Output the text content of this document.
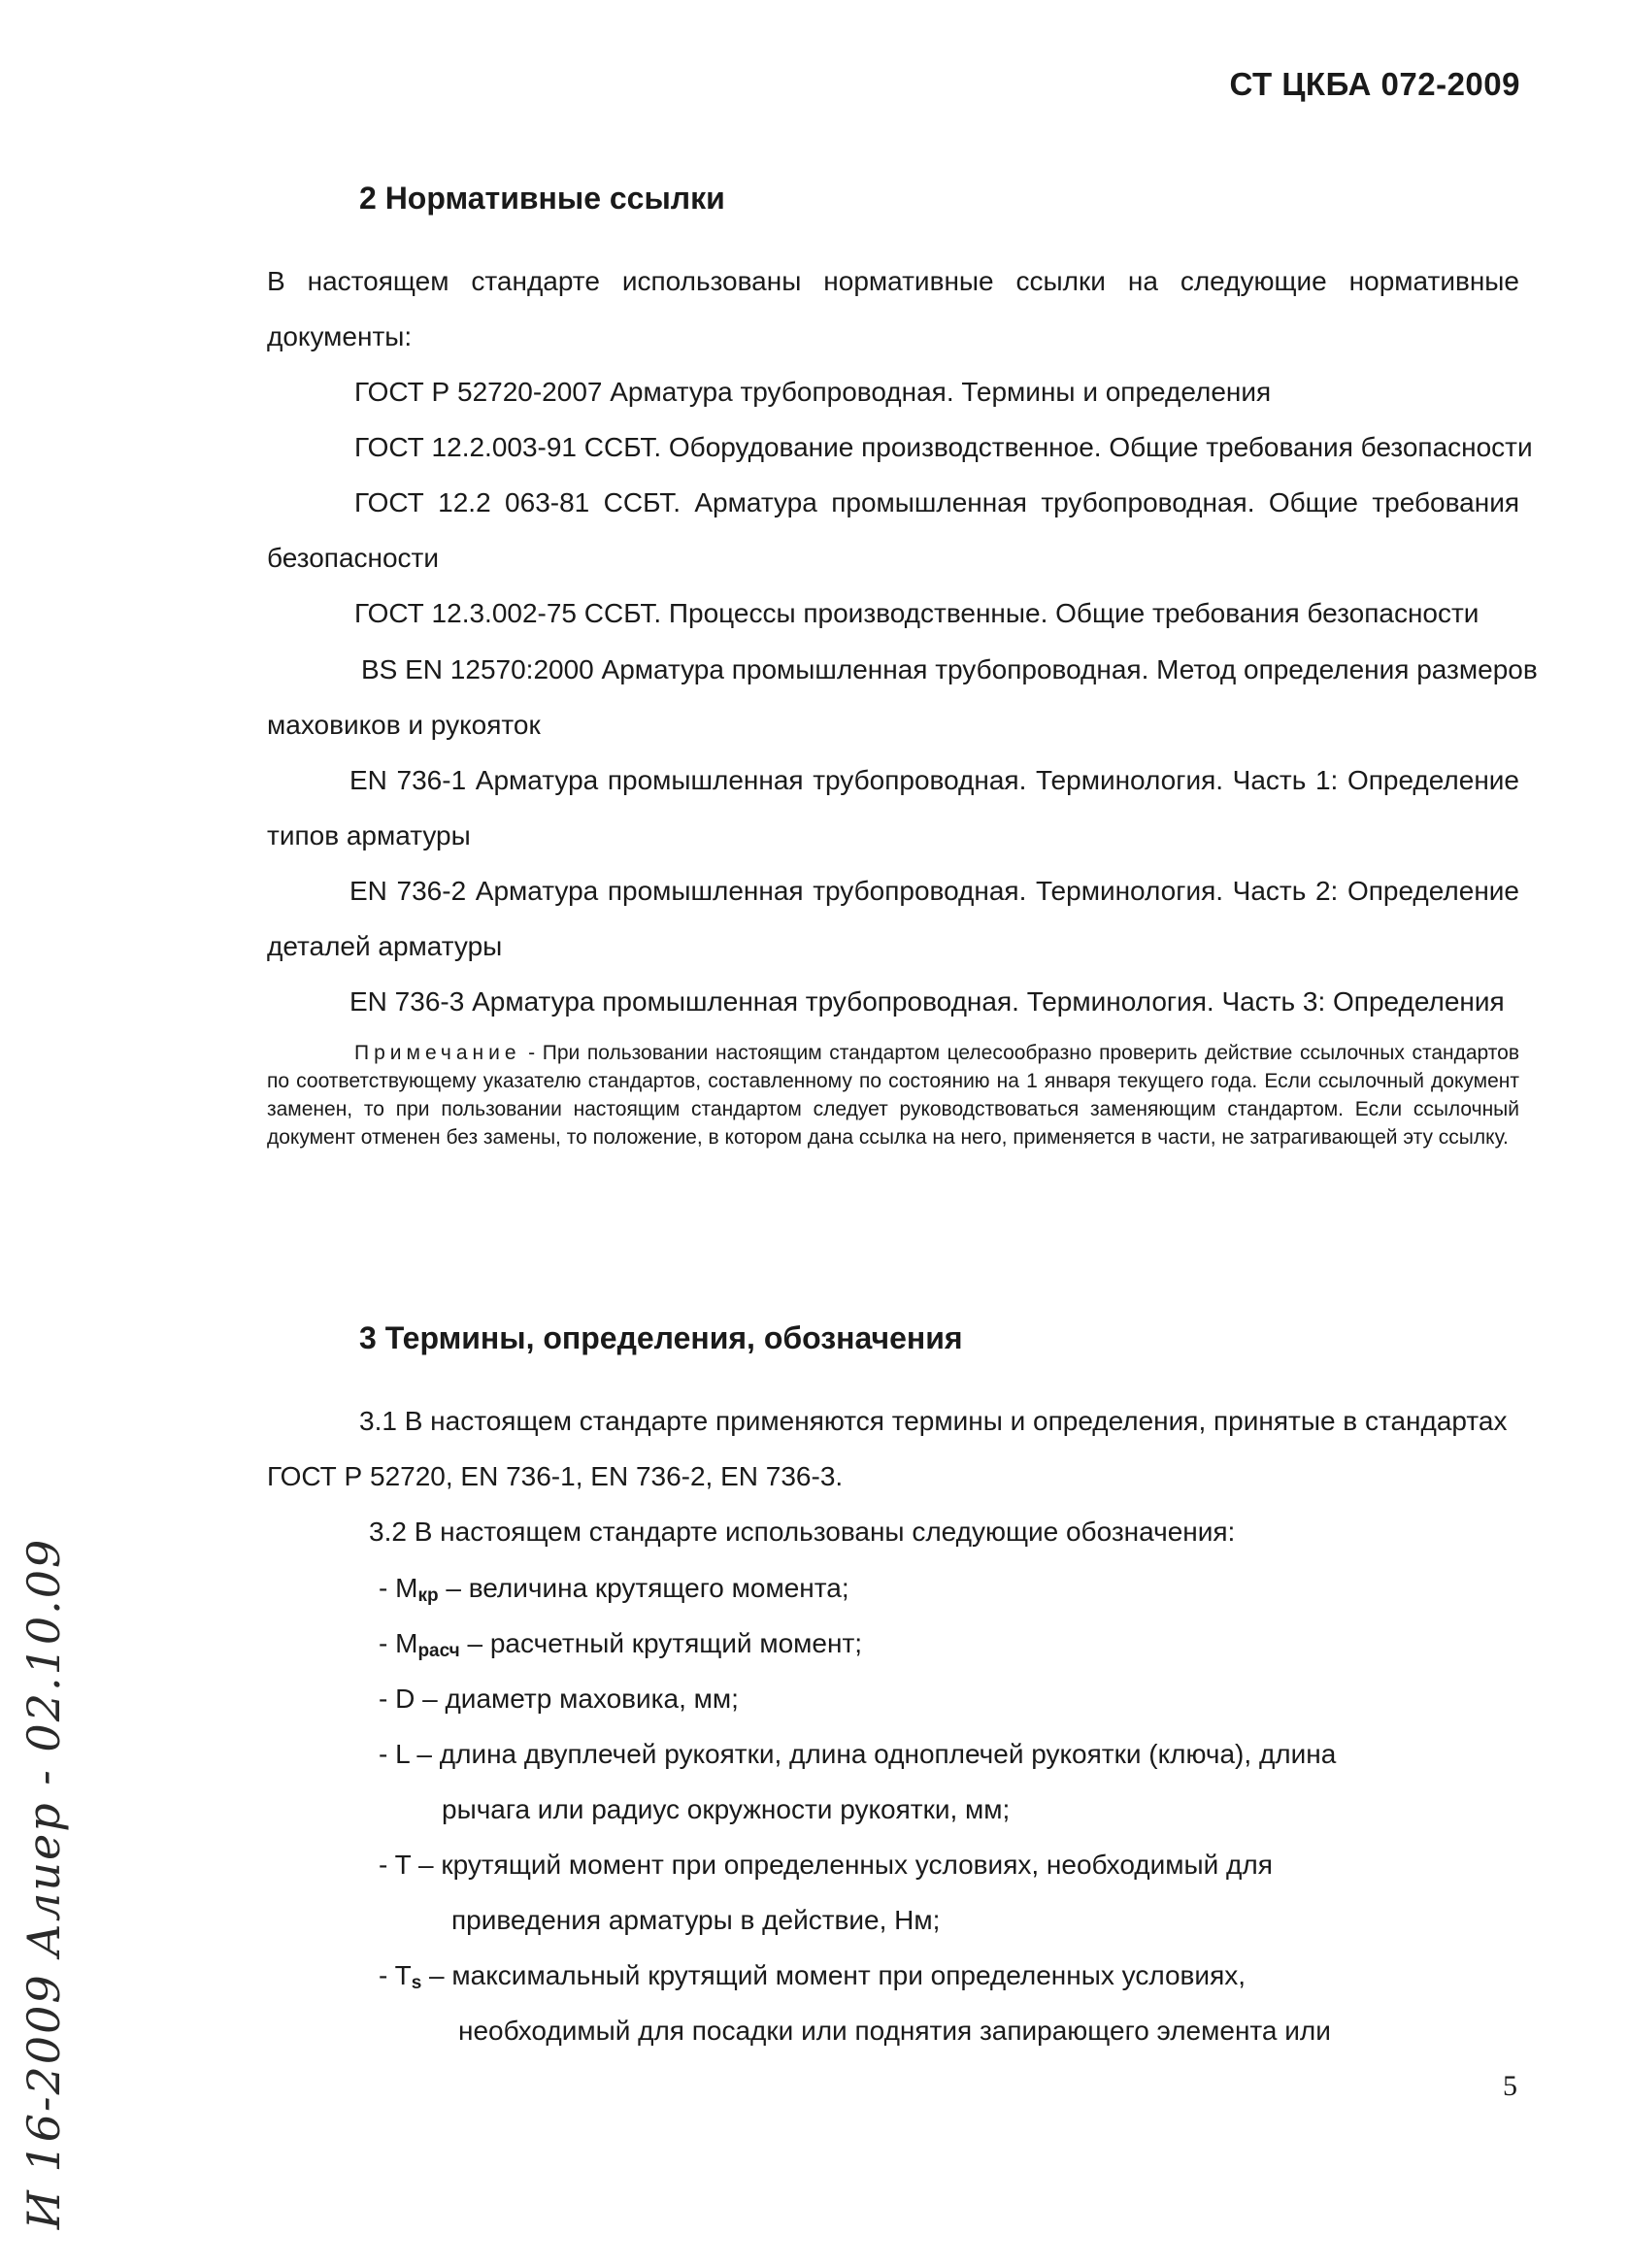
СТ ЦКБА 072-2009
2 Нормативные ссылки
В настоящем стандарте использованы нормативные ссылки на следующие нормативные
документы:
ГОСТ Р 52720-2007 Арматура трубопроводная. Термины и определения
ГОСТ 12.2.003-91 ССБТ. Оборудование производственное. Общие требования безопасности
ГОСТ 12.2 063-81 ССБТ. Арматура промышленная трубопроводная. Общие требования
безопасности
ГОСТ 12.3.002-75 ССБТ. Процессы производственные. Общие требования безопасности
BS EN 12570:2000 Арматура промышленная трубопроводная. Метод определения размеров
маховиков и рукояток
EN 736-1 Арматура промышленная трубопроводная. Терминология. Часть 1: Определение
типов арматуры
EN 736-2 Арматура промышленная трубопроводная. Терминология. Часть 2: Определение
деталей арматуры
EN 736-3 Арматура промышленная трубопроводная. Терминология. Часть 3: Определения
Примечание - При пользовании настоящим стандартом целесообразно проверить действие ссылочных стандартов по соответствующему указателю стандартов, составленному по состоянию на 1 января текущего года. Если ссылочный документ заменен, то при пользовании настоящим стандартом следует руководствоваться заменяющим стандартом. Если ссылочный документ отменен без замены, то положение, в котором дана ссылка на него, применяется в части, не затрагивающей эту ссылку.
3 Термины, определения, обозначения
3.1 В настоящем стандарте применяются термины и определения, принятые в стандартах
ГОСТ Р 52720, EN 736-1, EN 736-2, EN 736-3.
3.2 В настоящем стандарте использованы следующие обозначения:
- $M_{кр}$ – величина крутящего момента;
- $M_{расч}$ – расчетный крутящий момент;
- D – диаметр маховика, мм;
- L – длина двуплечей рукоятки, длина одноплечей рукоятки (ключа), длина
рычага или радиус окружности рукоятки, мм;
- T – крутящий момент при определенных условиях, необходимый для
приведения арматуры в действие, Нм;
- $T_s$ – максимальный крутящий момент при определенных условиях,
необходимый для посадки или поднятия запирающего элемента или
И 16-2009 Алиер - 02.10.09	5
